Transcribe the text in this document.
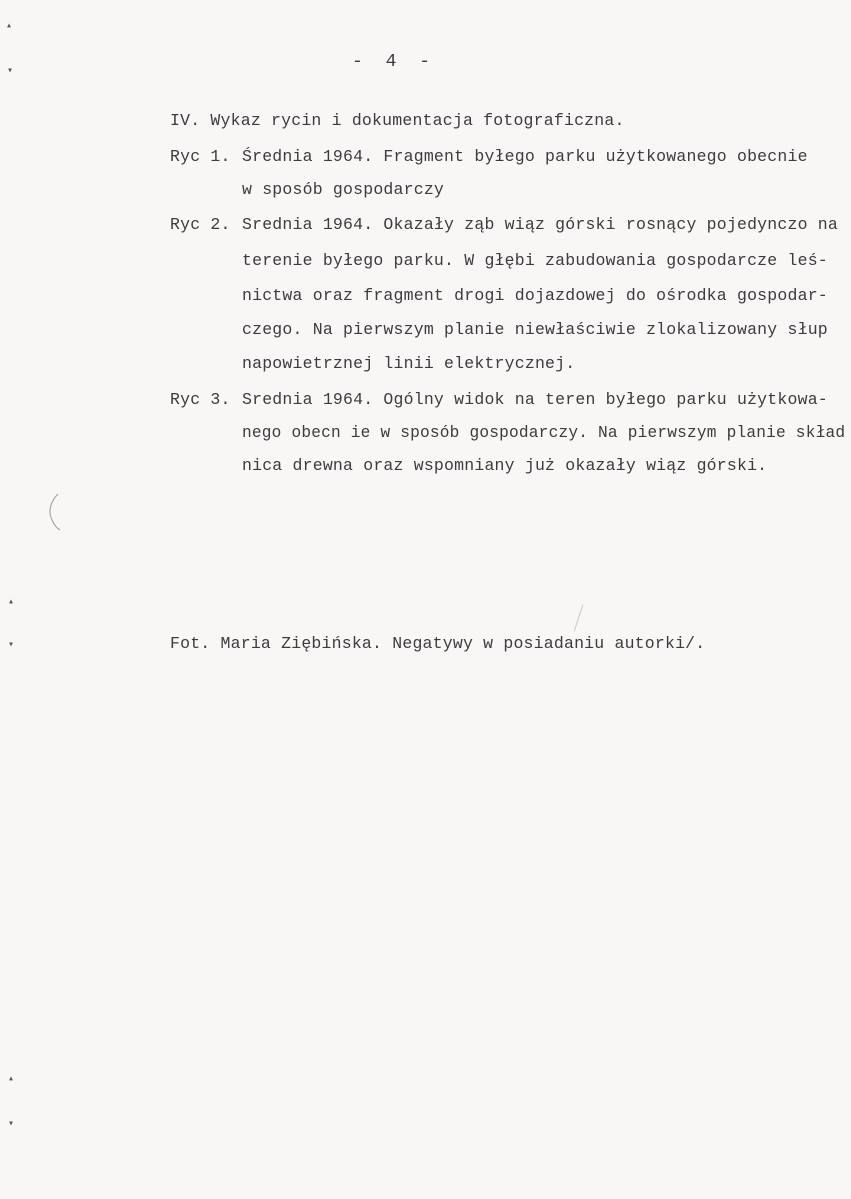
▴
▾
▴
▾
▴
▾
- 4 -
IV. Wykaz rycin i dokumentacja fotograficzna.
Ryc 1. Średnia 1964. Fragment byłego parku użytkowanego obecnie
w sposób gospodarczy
Ryc 2. Srednia 1964. Okazały ząb wiąz górski rosnący pojedynczo na
terenie byłego parku. W głębi zabudowania gospodarcze leś-
nictwa oraz fragment drogi dojazdowej do ośrodka gospodar-
czego. Na pierwszym planie niewłaściwie zlokalizowany słup
napowietrznej linii elektrycznej.
Ryc 3. Srednia 1964. Ogólny widok na teren byłego parku użytkowa-
nego obecn ie w sposób gospodarczy. Na pierwszym planie skład
nica drewna oraz wspomniany już okazały wiąz górski.
Fot. Maria Ziębińska. Negatywy w posiadaniu autorki/.
